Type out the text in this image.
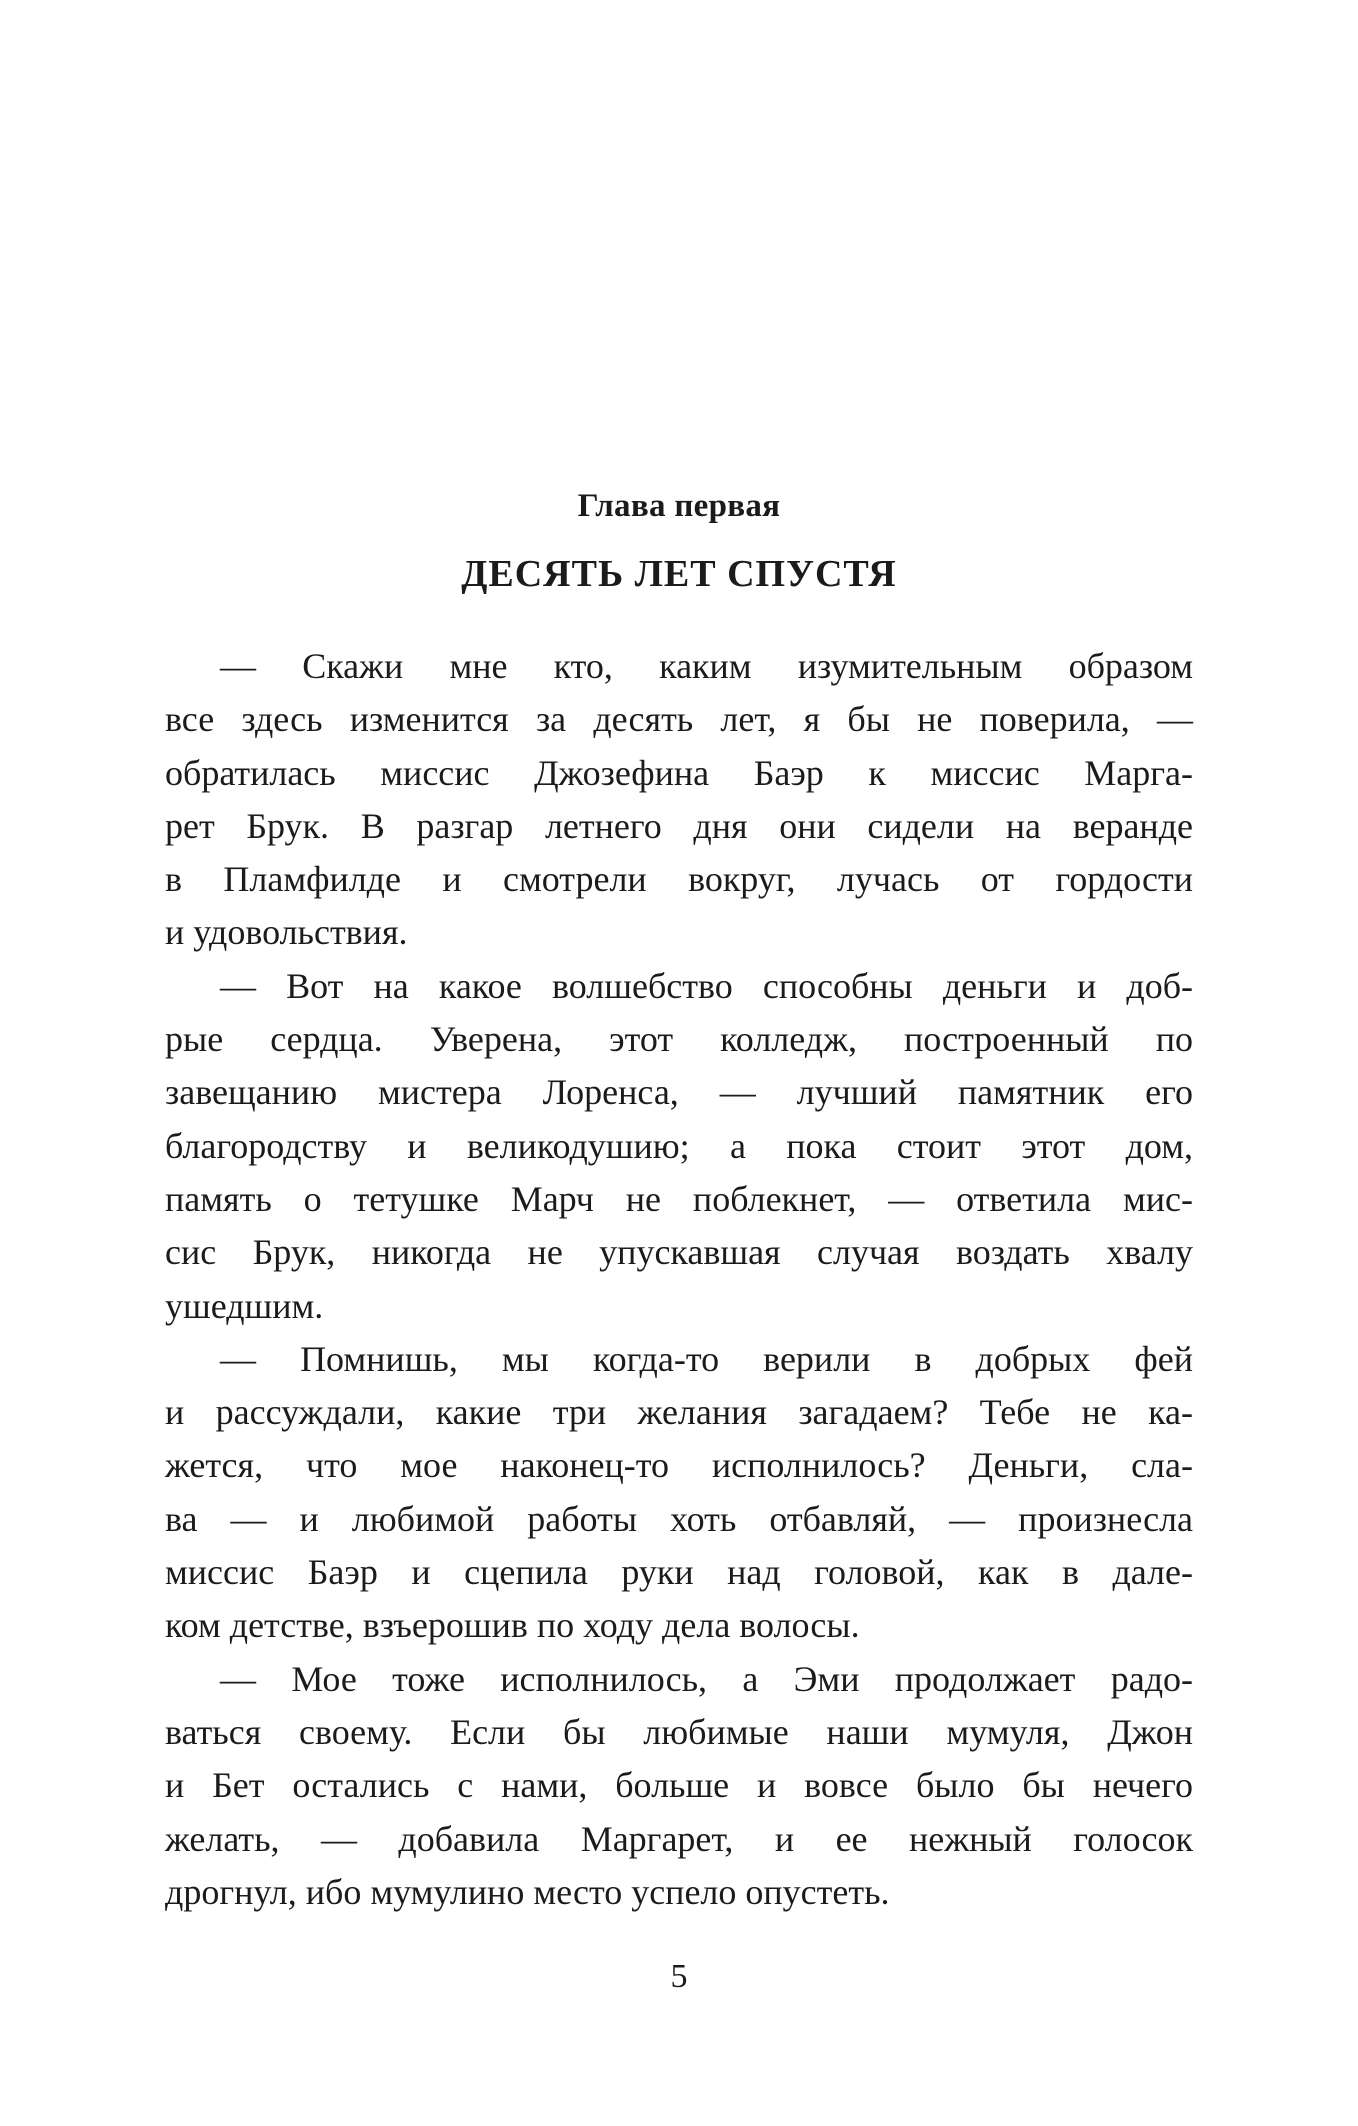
Глава первая
ДЕСЯТЬ ЛЕТ СПУСТЯ
— Скажи мне кто, каким изумительным образом
все здесь изменится за десять лет, я бы не поверила, —
обратилась миссис Джозефина Баэр к миссис Марга-
рет Брук. В разгар летнего дня они сидели на веранде
в Пламфилде и смотрели вокруг, лучась от гордости
и удовольствия.
— Вот на какое волшебство способны деньги и доб-
рые сердца. Уверена, этот колледж, построенный по
завещанию мистера Лоренса, — лучший памятник его
благородству и великодушию; а пока стоит этот дом,
память о тетушке Марч не поблекнет, — ответила мис-
сис Брук, никогда не упускавшая случая воздать хвалу
ушедшим.
— Помнишь, мы когда-то верили в добрых фей
и рассуждали, какие три желания загадаем? Тебе не ка-
жется, что мое наконец-то исполнилось? Деньги, сла-
ва — и любимой работы хоть отбавляй, — произнесла
миссис Баэр и сцепила руки над головой, как в дале-
ком детстве, взъерошив по ходу дела волосы.
— Мое тоже исполнилось, а Эми продолжает радо-
ваться своему. Если бы любимые наши мумуля, Джон
и Бет остались с нами, больше и вовсе было бы нечего
желать, — добавила Маргарет, и ее нежный голосок
дрогнул, ибо мумулино место успело опустеть.
5
